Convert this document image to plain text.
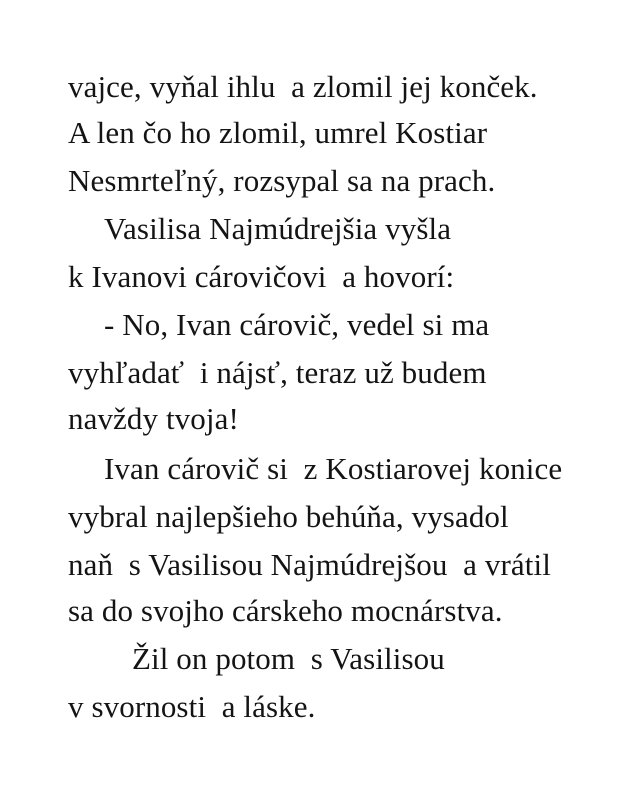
vajce, vyňal ihlu  a zlomil jej konček.
A len čo ho zlomil, umrel Kostiar
Nesmrteľný, rozsypal sa na prach.
Vasilisa Najmúdrejšia vyšla
k Ivanovi cárovičovi  a hovorí:
- No, Ivan cárovič, vedel si ma
vyhľadať  i nájsť, teraz už budem
navždy tvoja!
Ivan cárovič si  z Kostiarovej konice
vybral najlepšieho behúňa, vysadol
naň  s Vasilisou Najmúdrejšou  a vrátil
sa do svojho cárskeho mocnárstva.
Žil on potom  s Vasilisou
v svornosti  a láske.
